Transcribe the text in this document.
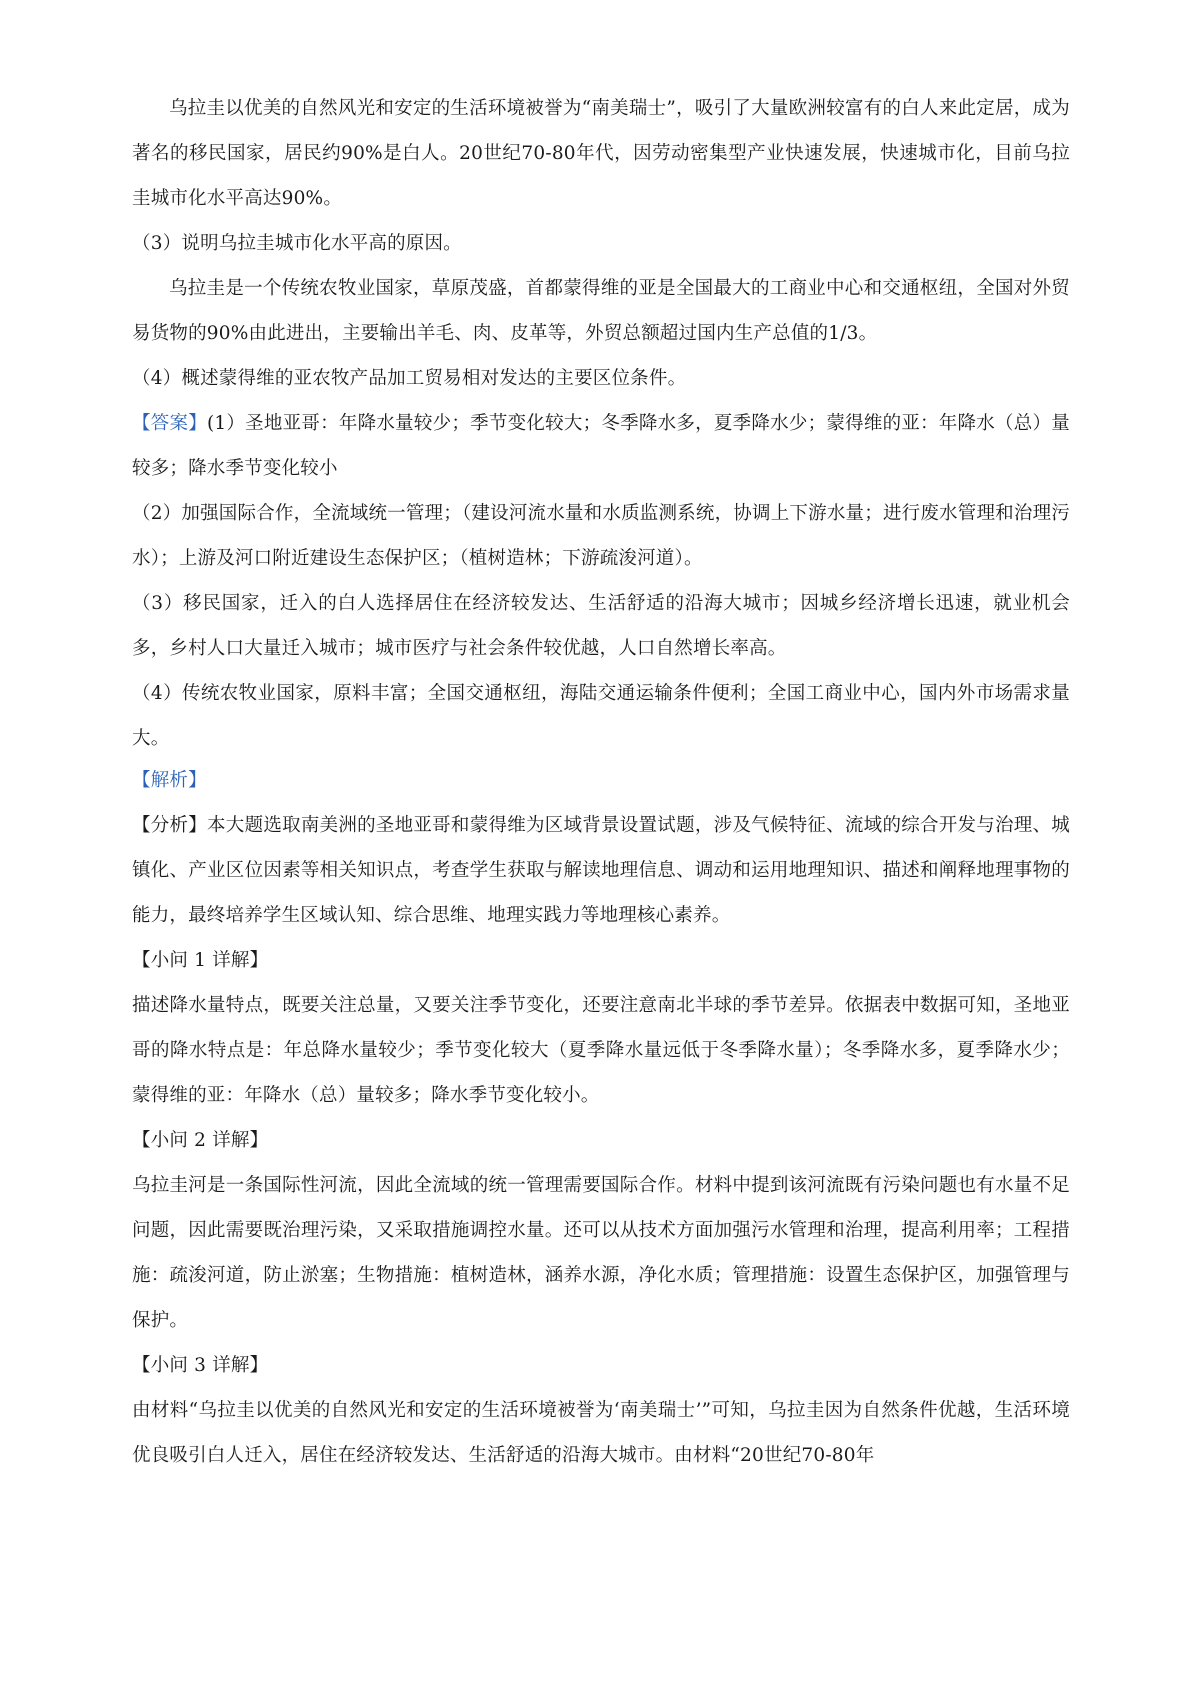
乌拉圭以优美的自然风光和安定的生活环境被誉为“南美瑞士”，吸引了大量欧洲较富有的白人来此定居，成为著名的移民国家，居民约90%是白人。20世纪70-80年代，因劳动密集型产业快速发展，快速城市化，目前乌拉圭城市化水平高达90%。

（3）说明乌拉圭城市化水平高的原因。

乌拉圭是一个传统农牧业国家，草原茂盛，首都蒙得维的亚是全国最大的工商业中心和交通枢纽，全国对外贸易货物的90%由此进出，主要输出羊毛、肉、皮革等，外贸总额超过国内生产总值的1/3。

（4）概述蒙得维的亚农牧产品加工贸易相对发达的主要区位条件。

【答案】(1）圣地亚哥：年降水量较少；季节变化较大；冬季降水多，夏季降水少；蒙得维的亚：年降水（总）量较多；降水季节变化较小

（2）加强国际合作，全流域统一管理；（建设河流水量和水质监测系统，协调上下游水量；进行废水管理和治理污水）；上游及河口附近建设生态保护区；（植树造林；下游疏浚河道）。

（3）移民国家，迁入的白人选择居住在经济较发达、生活舒适的沿海大城市；因城乡经济增长迅速，就业机会多，乡村人口大量迁入城市；城市医疗与社会条件较优越，人口自然增长率高。

（4）传统农牧业国家，原料丰富；全国交通枢纽，海陆交通运输条件便利；全国工商业中心，国内外市场需求量大。

【解析】

【分析】本大题选取南美洲的圣地亚哥和蒙得维为区域背景设置试题，涉及气候特征、流域的综合开发与治理、城镇化、产业区位因素等相关知识点，考查学生获取与解读地理信息、调动和运用地理知识、描述和阐释地理事物的能力，最终培养学生区域认知、综合思维、地理实践力等地理核心素养。

【小问 1 详解】

描述降水量特点，既要关注总量，又要关注季节变化，还要注意南北半球的季节差异。依据表中数据可知，圣地亚哥的降水特点是：年总降水量较少；季节变化较大（夏季降水量远低于冬季降水量）；冬季降水多，夏季降水少；蒙得维的亚：年降水（总）量较多；降水季节变化较小。

【小问 2 详解】

乌拉圭河是一条国际性河流，因此全流域的统一管理需要国际合作。材料中提到该河流既有污染问题也有水量不足问题，因此需要既治理污染，又采取措施调控水量。还可以从技术方面加强污水管理和治理，提高利用率；工程措施：疏浚河道，防止淤塞；生物措施：植树造林，涵养水源，净化水质；管理措施：设置生态保护区，加强管理与保护。

【小问 3 详解】

由材料“乌拉圭以优美的自然风光和安定的生活环境被誉为‘南美瑞士’”可知，乌拉圭因为自然条件优越，生活环境优良吸引白人迁入，居住在经济较发达、生活舒适的沿海大城市。由材料“20世纪70-80年
